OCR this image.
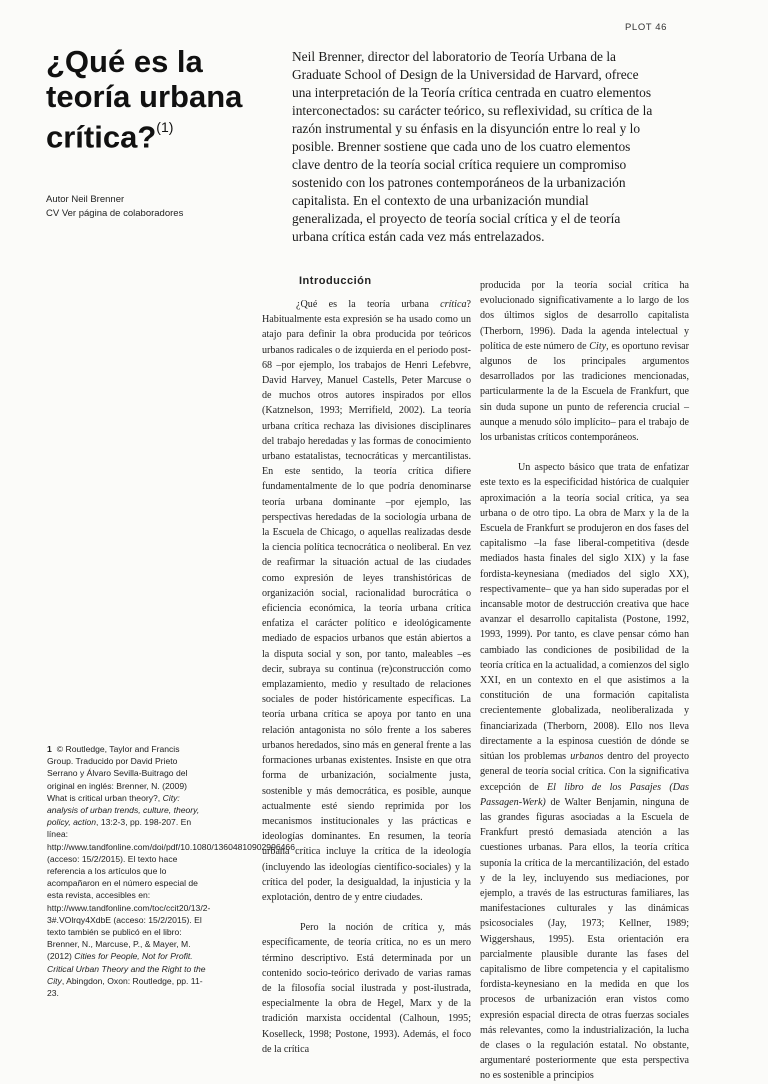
PLOT 46
¿Qué es la teoría urbana crítica?$^{(1)}$
Autor Neil Brenner
CV Ver página de colaboradores

Neil Brenner, director del laboratorio de Teoría Urbana de la Graduate School of Design de la Universidad de Harvard, ofrece una interpretación de la Teoría crítica centrada en cuatro elementos interconectados: su carácter teórico, su reflexividad, su crítica de la razón instrumental y su énfasis en la disyunción entre lo real y lo posible. Brenner sostiene que cada uno de los cuatro elementos clave dentro de la teoría social crítica requiere un compromiso sostenido con los patrones contemporáneos de la urbanización capitalista. En el contexto de una urbanización mundial generalizada, el proyecto de teoría social crítica y el de teoría urbana crítica están cada vez más entrelazados.

Introducción

¿Qué es la teoría urbana crítica? Habitualmente esta expresión se ha usado como un atajo para definir la obra producida por teóricos urbanos radicales o de izquierda en el periodo post-68 –por ejemplo, los trabajos de Henri Lefebvre, David Harvey, Manuel Castells, Peter Marcuse o de muchos otros autores inspirados por ellos (Katznelson, 1993; Merrifield, 2002). La teoría urbana crítica rechaza las divisiones disciplinares del trabajo heredadas y las formas de conocimiento urbano estatalistas, tecnocráticas y mercantilistas. En este sentido, la teoría crítica difiere fundamentalmente de lo que podría denominarse teoría urbana dominante –por ejemplo, las perspectivas heredadas de la sociología urbana de la Escuela de Chicago, o aquellas realizadas desde la ciencia política tecnocrática o neoliberal. En vez de reafirmar la situación actual de las ciudades como expresión de leyes transhistóricas de organización social, racionalidad burocrática o eficiencia económica, la teoría urbana crítica enfatiza el carácter político e ideológicamente mediado de espacios urbanos que están abiertos a la disputa social y son, por tanto, maleables –es decir, subraya su continua (re)construcción como emplazamiento, medio y resultado de relaciones sociales de poder históricamente específicas. La teoría urbana crítica se apoya por tanto en una relación antagonista no sólo frente a los saberes urbanos heredados, sino más en general frente a las formaciones urbanas existentes. Insiste en que otra forma de urbanización, socialmente justa, sostenible y más democrática, es posible, aunque actualmente esté siendo reprimida por los mecanismos institucionales y las prácticas e ideologías dominantes. En resumen, la teoría urbana crítica incluye la crítica de la ideología (incluyendo las ideologías científico-sociales) y la crítica del poder, la desigualdad, la injusticia y la explotación, dentro de y entre ciudades.

Pero la noción de crítica y, más específicamente, de teoría crítica, no es un mero término descriptivo. Está determinada por un contenido socio-teórico derivado de varias ramas de la filosofía social ilustrada y post-ilustrada, especialmente la obra de Hegel, Marx y de la tradición marxista occidental (Calhoun, 1995; Koselleck, 1998; Postone, 1993). Además, el foco de la crítica

producida por la teoría social crítica ha evolucionado significativamente a lo largo de los dos últimos siglos de desarrollo capitalista (Therborn, 1996). Dada la agenda intelectual y política de este número de City, es oportuno revisar algunos de los principales argumentos desarrollados por las tradiciones mencionadas, particularmente la de la Escuela de Frankfurt, que sin duda supone un punto de referencia crucial –aunque a menudo sólo implícito– para el trabajo de los urbanistas críticos contemporáneos.

Un aspecto básico que trata de enfatizar este texto es la especificidad histórica de cualquier aproximación a la teoría social crítica, ya sea urbana o de otro tipo. La obra de Marx y la de la Escuela de Frankfurt se produjeron en dos fases del capitalismo –la fase liberal-competitiva (desde mediados hasta finales del siglo XIX) y la fase fordista-keynesiana (mediados del siglo XX), respectivamente– que ya han sido superadas por el incansable motor de destrucción creativa que hace avanzar el desarrollo capitalista (Postone, 1992, 1993, 1999). Por tanto, es clave pensar cómo han cambiado las condiciones de posibilidad de la teoría crítica en la actualidad, a comienzos del siglo XXI, en un contexto en el que asistimos a la constitución de una formación capitalista crecientemente globalizada, neoliberalizada y financiarizada (Therborn, 2008). Ello nos lleva directamente a la espinosa cuestión de dónde se sitúan los problemas urbanos dentro del proyecto general de teoría social crítica. Con la significativa excepción de El libro de los Pasajes (Das Passagen-Werk) de Walter Benjamin, ninguna de las grandes figuras asociadas a la Escuela de Frankfurt prestó demasiada atención a las cuestiones urbanas. Para ellos, la teoría crítica suponía la crítica de la mercantilización, del estado y de la ley, incluyendo sus mediaciones, por ejemplo, a través de las estructuras familiares, las manifestaciones culturales y las dinámicas psicosociales (Jay, 1973; Kellner, 1989; Wiggershaus, 1995). Esta orientación era parcialmente plausible durante las fases del capitalismo de libre competencia y el capitalismo fordista-keynesiano en la medida en que los procesos de urbanización eran vistos como expresión espacial directa de otras fuerzas sociales más relevantes, como la industrialización, la lucha de clases o la regulación estatal. No obstante, argumentaré posteriormente que esta perspectiva no es sostenible a principios

1 © Routledge, Taylor and Francis Group. Traducido por David Prieto Serrano y Álvaro Sevilla-Buitrago del original en inglés: Brenner, N. (2009) What is critical urban theory?, City: analysis of urban trends, culture, theory, policy, action, 13:2-3, pp. 198-207. En línea: http://www.tandfonline.com/doi/pdf/10.1080/13604810902996466 (acceso: 15/2/2015). El texto hace referencia a los artículos que lo acompañaron en el número especial de esta revista, accesibles en: http://www.tandfonline.com/toc/ccit20/13/2-3#.VOlrqy4XdbE (acceso: 15/2/2015). El texto también se publicó en el libro: Brenner, N., Marcuse, P., & Mayer, M. (2012) Cities for People, Not for Profit. Critical Urban Theory and the Right to the City, Abingdon, Oxon: Routledge, pp. 11-23.
